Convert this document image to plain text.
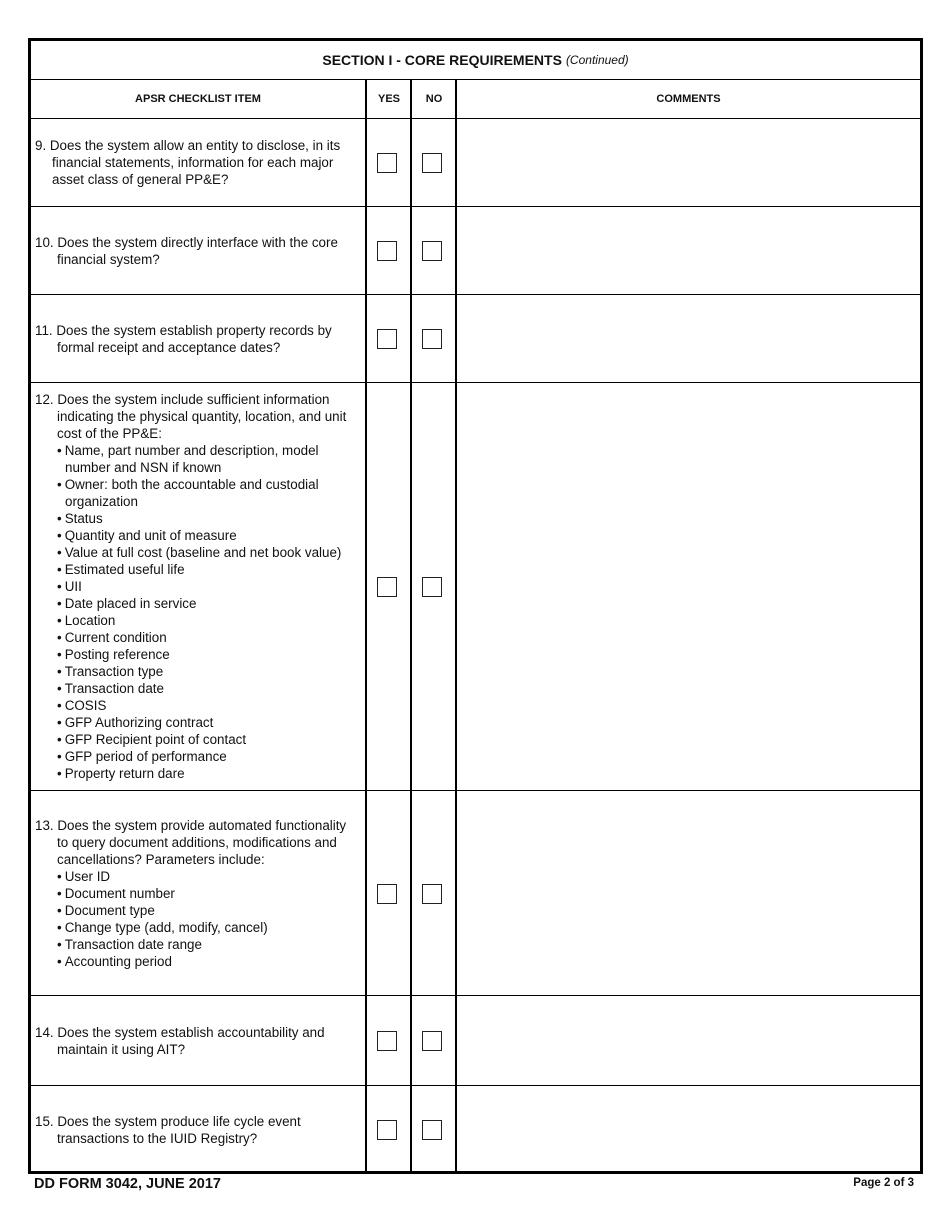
SECTION I - CORE REQUIREMENTS (Continued)
APSR CHECKLIST ITEM	YES	NO	COMMENTS
9. Does the system allow an entity to disclose, in its financial statements, information for each major asset class of general PP&E?
10. Does the system directly interface with the core financial system?
11. Does the system establish property records by formal receipt and acceptance dates?
12. Does the system include sufficient information indicating the physical quantity, location, and unit cost of the PP&E:
• Name, part number and description, model number and NSN if known
• Owner: both the accountable and custodial organization
• Status
• Quantity and unit of measure
• Value at full cost (baseline and net book value)
• Estimated useful life
• UII
• Date placed in service
• Location
• Current condition
• Posting reference
• Transaction type
• Transaction date
• COSIS
• GFP Authorizing contract
• GFP Recipient point of contact
• GFP period of performance
• Property return dare
13. Does the system provide automated functionality to query document additions, modifications and cancellations? Parameters include:
• User ID
• Document number
• Document type
• Change type (add, modify, cancel)
• Transaction date range
• Accounting period
14. Does the system establish accountability and maintain it using AIT?
15. Does the system produce life cycle event transactions to the IUID Registry?
DD FORM 3042, JUNE 2017	Page 2 of 3
